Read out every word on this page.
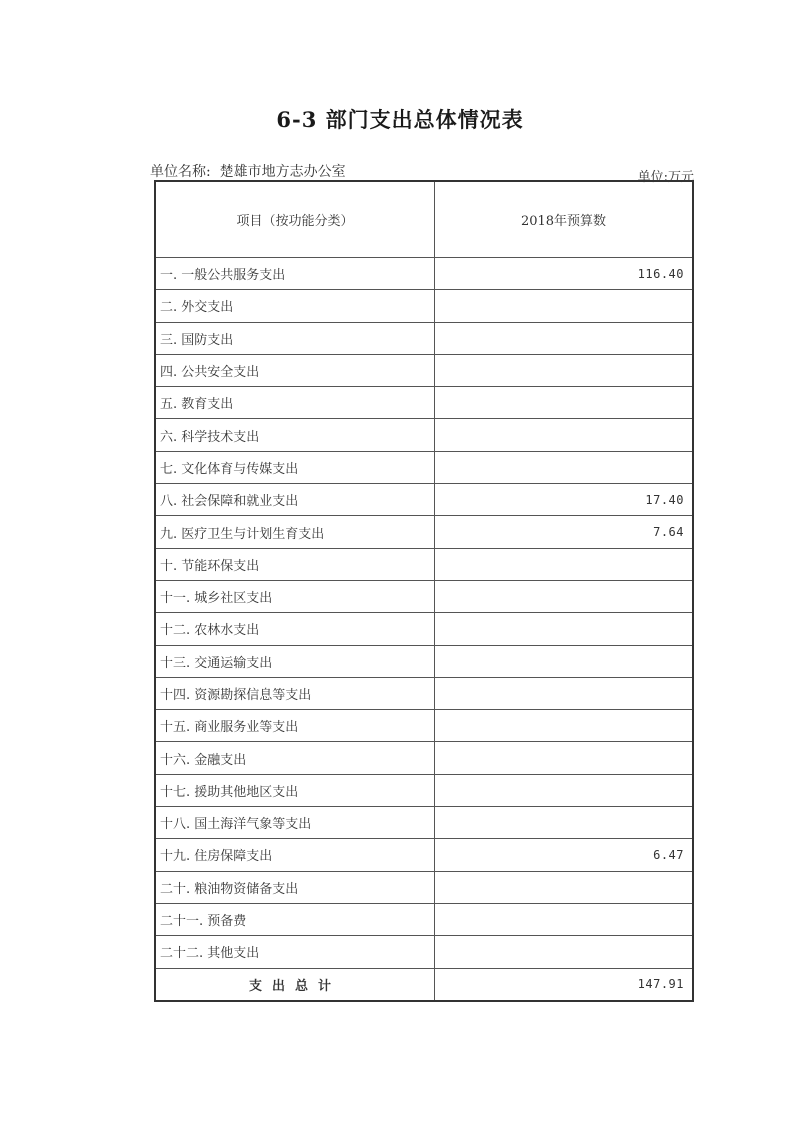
6-3 部门支出总体情况表
单位名称: 楚雄市地方志办公室	单位:万元
项目（按功能分类）	2018年预算数
一. 一般公共服务支出	116.40
二. 外交支出	
三. 国防支出	
四. 公共安全支出	
五. 教育支出	
六. 科学技术支出	
七. 文化体育与传媒支出	
八. 社会保障和就业支出	17.40
九. 医疗卫生与计划生育支出	7.64
十. 节能环保支出	
十一. 城乡社区支出	
十二. 农林水支出	
十三. 交通运输支出	
十四. 资源勘探信息等支出	
十五. 商业服务业等支出	
十六. 金融支出	
十七. 援助其他地区支出	
十八. 国土海洋气象等支出	
十九. 住房保障支出	6.47
二十. 粮油物资储备支出	
二十一. 预备费	
二十二. 其他支出	
支出总计	147.91
